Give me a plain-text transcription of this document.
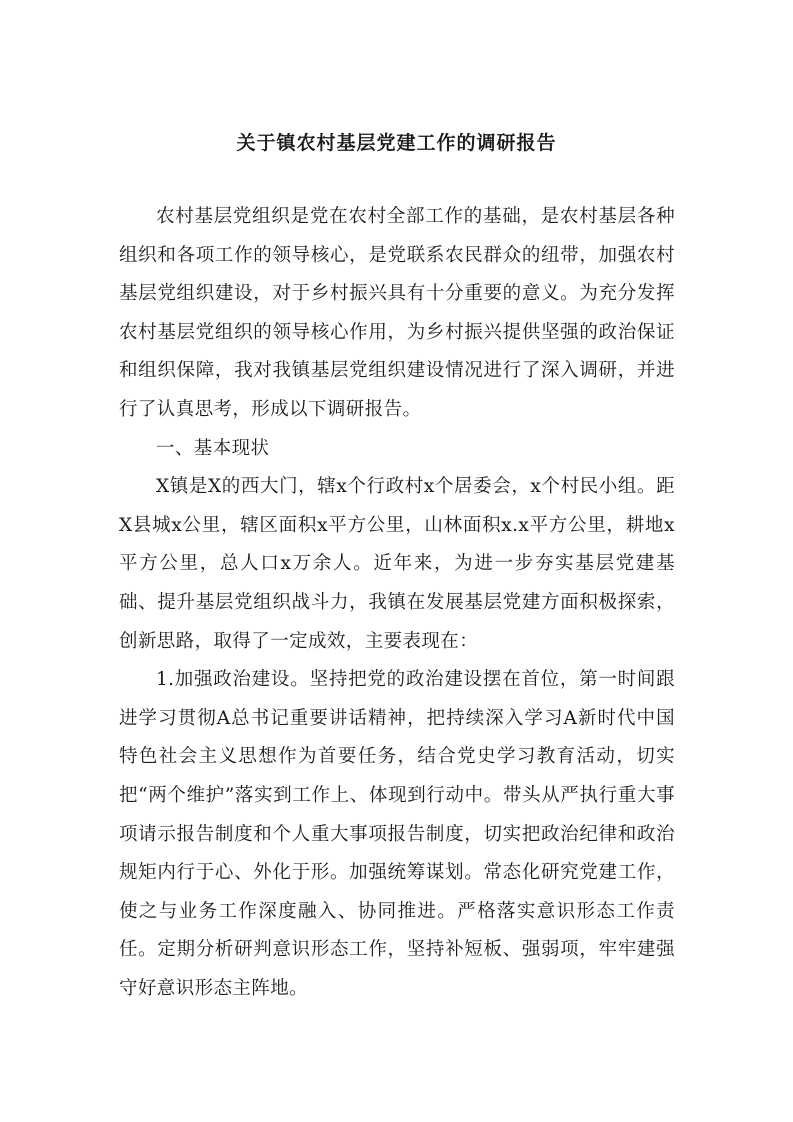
关于镇农村基层党建工作的调研报告

农村基层党组织是党在农村全部工作的基础，是农村基层各种组织和各项工作的领导核心，是党联系农民群众的纽带，加强农村基层党组织建设，对于乡村振兴具有十分重要的意义。为充分发挥农村基层党组织的领导核心作用，为乡村振兴提供坚强的政治保证和组织保障，我对我镇基层党组织建设情况进行了深入调研，并进行了认真思考，形成以下调研报告。

一、基本现状

X镇是X的西大门，辖x个行政村x个居委会，x个村民小组。距X县城x公里，辖区面积x平方公里，山林面积x.x平方公里，耕地x平方公里，总人口x万余人。近年来，为进一步夯实基层党建基础、提升基层党组织战斗力，我镇在发展基层党建方面积极探索，创新思路，取得了一定成效，主要表现在：

1.加强政治建设。坚持把党的政治建设摆在首位，第一时间跟进学习贯彻A总书记重要讲话精神，把持续深入学习A新时代中国特色社会主义思想作为首要任务，结合党史学习教育活动，切实把“两个维护”落实到工作上、体现到行动中。带头从严执行重大事项请示报告制度和个人重大事项报告制度，切实把政治纪律和政治规矩内行于心、外化于形。加强统筹谋划。常态化研究党建工作，使之与业务工作深度融入、协同推进。严格落实意识形态工作责任。定期分析研判意识形态工作，坚持补短板、强弱项，牢牢建强守好意识形态主阵地。
